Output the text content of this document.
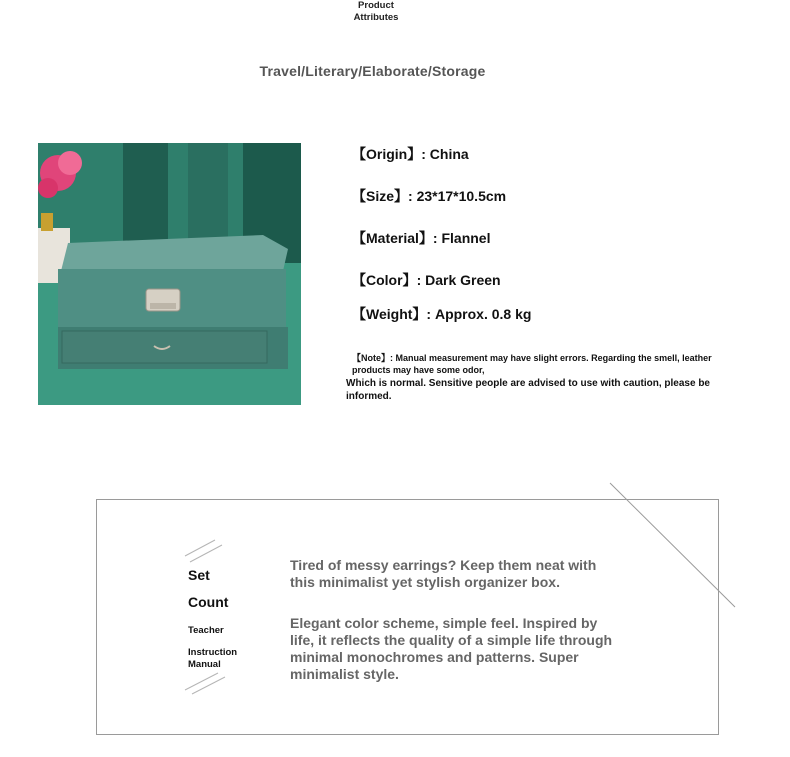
Product Attributes
Travel/Literary/Elaborate/Storage
【Origin】: China
【Size】: 23*17*10.5cm
【Material】: Flannel
【Color】: Dark Green
【Weight】: Approx. 0.8 kg
【Note】: Manual measurement may have slight errors. Regarding the smell, leather products may have some odor,
Which is normal. Sensitive people are advised to use with caution, please be informed.
Set
Count
Teacher
Instruction Manual
Tired of messy earrings? Keep them neat with this minimalist yet stylish organizer box.
Elegant color scheme, simple feel. Inspired by life, it reflects the quality of a simple life through minimal monochromes and patterns. Super minimalist style.
